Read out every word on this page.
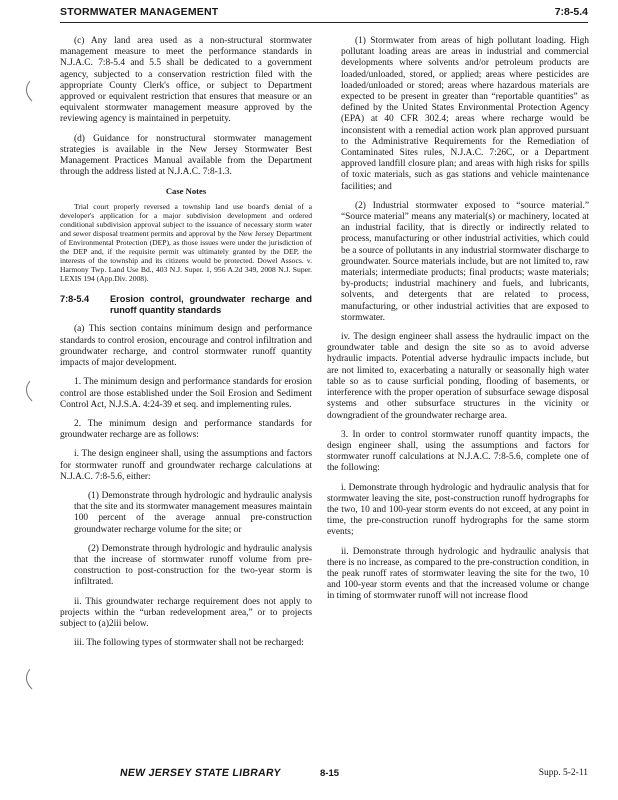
STORMWATER MANAGEMENT	7:8-5.4

(c) Any land area used as a non-structural stormwater management measure to meet the performance standards in N.J.A.C. 7:8-5.4 and 5.5 shall be dedicated to a government agency, subjected to a conservation restriction filed with the appropriate County Clerk's office, or subject to Department approved or equivalent restriction that ensures that measure or an equivalent stormwater management measure approved by the reviewing agency is maintained in perpetuity.

(d) Guidance for nonstructural stormwater management strategies is available in the New Jersey Stormwater Best Management Practices Manual available from the Department through the address listed at N.J.A.C. 7:8-1.3.

Case Notes

Trial court properly reversed a township land use board's denial of a developer's application for a major subdivision development and ordered conditional subdivision approval subject to the issuance of necessary storm water and sewer disposal treatment permits and approval by the New Jersey Department of Environmental Protection (DEP), as those issues were under the jurisdiction of the DEP and, if the requisite permit was ultimately granted by the DEP, the interests of the township and its citizens would be protected. Dowel Assocs. v. Harmony Twp. Land Use Bd., 403 N.J. Super. 1, 956 A.2d 349, 2008 N.J. Super. LEXIS 194 (App.Div. 2008).

7:8-5.4	Erosion control, groundwater recharge and runoff quantity standards

(a) This section contains minimum design and performance standards to control erosion, encourage and control infiltration and groundwater recharge, and control stormwater runoff quantity impacts of major development.

1. The minimum design and performance standards for erosion control are those established under the Soil Erosion and Sediment Control Act, N.J.S.A. 4:24-39 et seq. and implementing rules.

2. The minimum design and performance standards for groundwater recharge are as follows:

i. The design engineer shall, using the assumptions and factors for stormwater runoff and groundwater recharge calculations at N.J.A.C. 7:8-5.6, either:

(1) Demonstrate through hydrologic and hydraulic analysis that the site and its stormwater management measures maintain 100 percent of the average annual pre-construction groundwater recharge volume for the site; or

(2) Demonstrate through hydrologic and hydraulic analysis that the increase of stormwater runoff volume from pre-construction to post-construction for the two-year storm is infiltrated.

ii. This groundwater recharge requirement does not apply to projects within the “urban redevelopment area,” or to projects subject to (a)2iii below.

iii. The following types of stormwater shall not be recharged:

(1) Stormwater from areas of high pollutant loading. High pollutant loading areas are areas in industrial and commercial developments where solvents and/or petroleum products are loaded/unloaded, stored, or applied; areas where pesticides are loaded/unloaded or stored; areas where hazardous materials are expected to be present in greater than “reportable quantities” as defined by the United States Environmental Protection Agency (EPA) at 40 CFR 302.4; areas where recharge would be inconsistent with a remedial action work plan approved pursuant to the Administrative Requirements for the Remediation of Contaminated Sites rules, N.J.A.C. 7:26C, or a Department approved landfill closure plan; and areas with high risks for spills of toxic materials, such as gas stations and vehicle maintenance facilities; and

(2) Industrial stormwater exposed to “source material.” “Source material” means any material(s) or machinery, located at an industrial facility, that is directly or indirectly related to process, manufacturing or other industrial activities, which could be a source of pollutants in any industrial stormwater discharge to groundwater. Source materials include, but are not limited to, raw materials; intermediate products; final products; waste materials; by-products; industrial machinery and fuels, and lubricants, solvents, and detergents that are related to process, manufacturing, or other industrial activities that are exposed to stormwater.

iv. The design engineer shall assess the hydraulic impact on the groundwater table and design the site so as to avoid adverse hydraulic impacts. Potential adverse hydraulic impacts include, but are not limited to, exacerbating a naturally or seasonally high water table so as to cause surficial ponding, flooding of basements, or interference with the proper operation of subsurface sewage disposal systems and other subsurface structures in the vicinity or downgradient of the groundwater recharge area.

3. In order to control stormwater runoff quantity impacts, the design engineer shall, using the assumptions and factors for stormwater runoff calculations at N.J.A.C. 7:8-5.6, complete one of the following:

i. Demonstrate through hydrologic and hydraulic analysis that for stormwater leaving the site, post-construction runoff hydrographs for the two, 10 and 100-year storm events do not exceed, at any point in time, the pre-construction runoff hydrographs for the same storm events;

ii. Demonstrate through hydrologic and hydraulic analysis that there is no increase, as compared to the pre-construction condition, in the peak runoff rates of stormwater leaving the site for the two, 10 and 100-year storm events and that the increased volume or change in timing of stormwater runoff will not increase flood

NEW JERSEY STATE LIBRARY	8-15	Supp. 5-2-11
